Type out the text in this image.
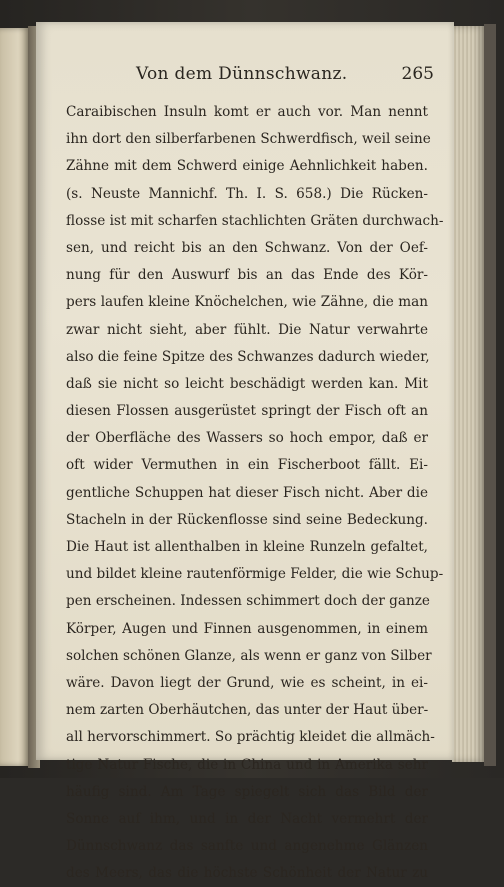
Von dem Dünnschwanz.	265
Caraibischen Insuln komt er auch vor. Man nennt
ihn dort den silberfarbenen Schwerdfisch, weil seine
Zähne mit dem Schwerd einige Aehnlichkeit haben.
(s. Neuste Mannichf. Th. I. S. 658.) Die Rücken-
flosse ist mit scharfen stachlichten Gräten durchwach-
sen, und reicht bis an den Schwanz. Von der Oef-
nung für den Auswurf bis an das Ende des Kör-
pers laufen kleine Knöchelchen, wie Zähne, die man
zwar nicht sieht, aber fühlt. Die Natur verwahrte
also die feine Spitze des Schwanzes dadurch wieder,
daß sie nicht so leicht beschädigt werden kan. Mit
diesen Flossen ausgerüstet springt der Fisch oft an
der Oberfläche des Wassers so hoch empor, daß er
oft wider Vermuthen in ein Fischerboot fällt. Ei-
gentliche Schuppen hat dieser Fisch nicht. Aber die
Stacheln in der Rückenflosse sind seine Bedeckung.
Die Haut ist allenthalben in kleine Runzeln gefaltet,
und bildet kleine rautenförmige Felder, die wie Schup-
pen erscheinen. Indessen schimmert doch der ganze
Körper, Augen und Finnen ausgenommen, in einem
solchen schönen Glanze, als wenn er ganz von Silber
wäre. Davon liegt der Grund, wie es scheint, in ei-
nem zarten Oberhäutchen, das unter der Haut über-
all hervorschimmert. So prächtig kleidet die allmäch-
tige Natur Fische, die in China und in Amerika sehr
häufig sind. Am Tage spiegelt sich das Bild der
Sonne auf ihm, und in der Nacht vermehrt der
Dünnschwanz das sanfte und angenehme Glänzen
des Meers, das die höchste Schönheit der Natur zu
